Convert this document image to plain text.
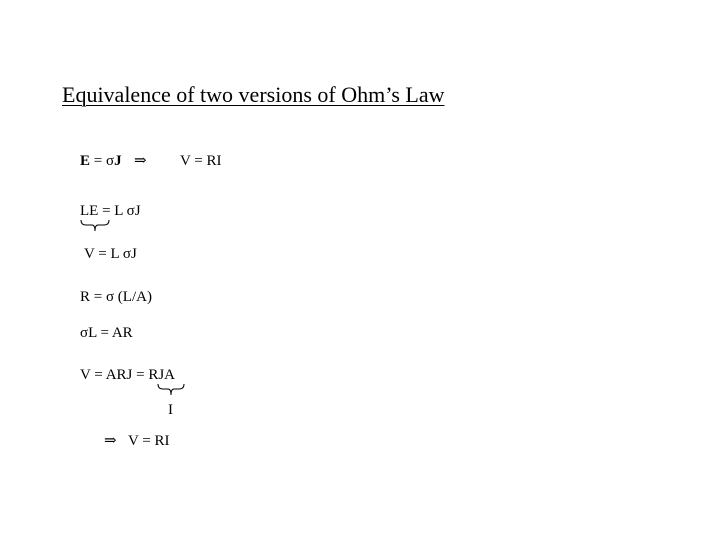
Equivalence of two versions of Ohm’s Law
E = σJ ⇒ V = RI
LE = L σJ
V = L σJ
R = σ (L/A)
σL = AR
V = ARJ = RJA
I
⇒ V = RI
